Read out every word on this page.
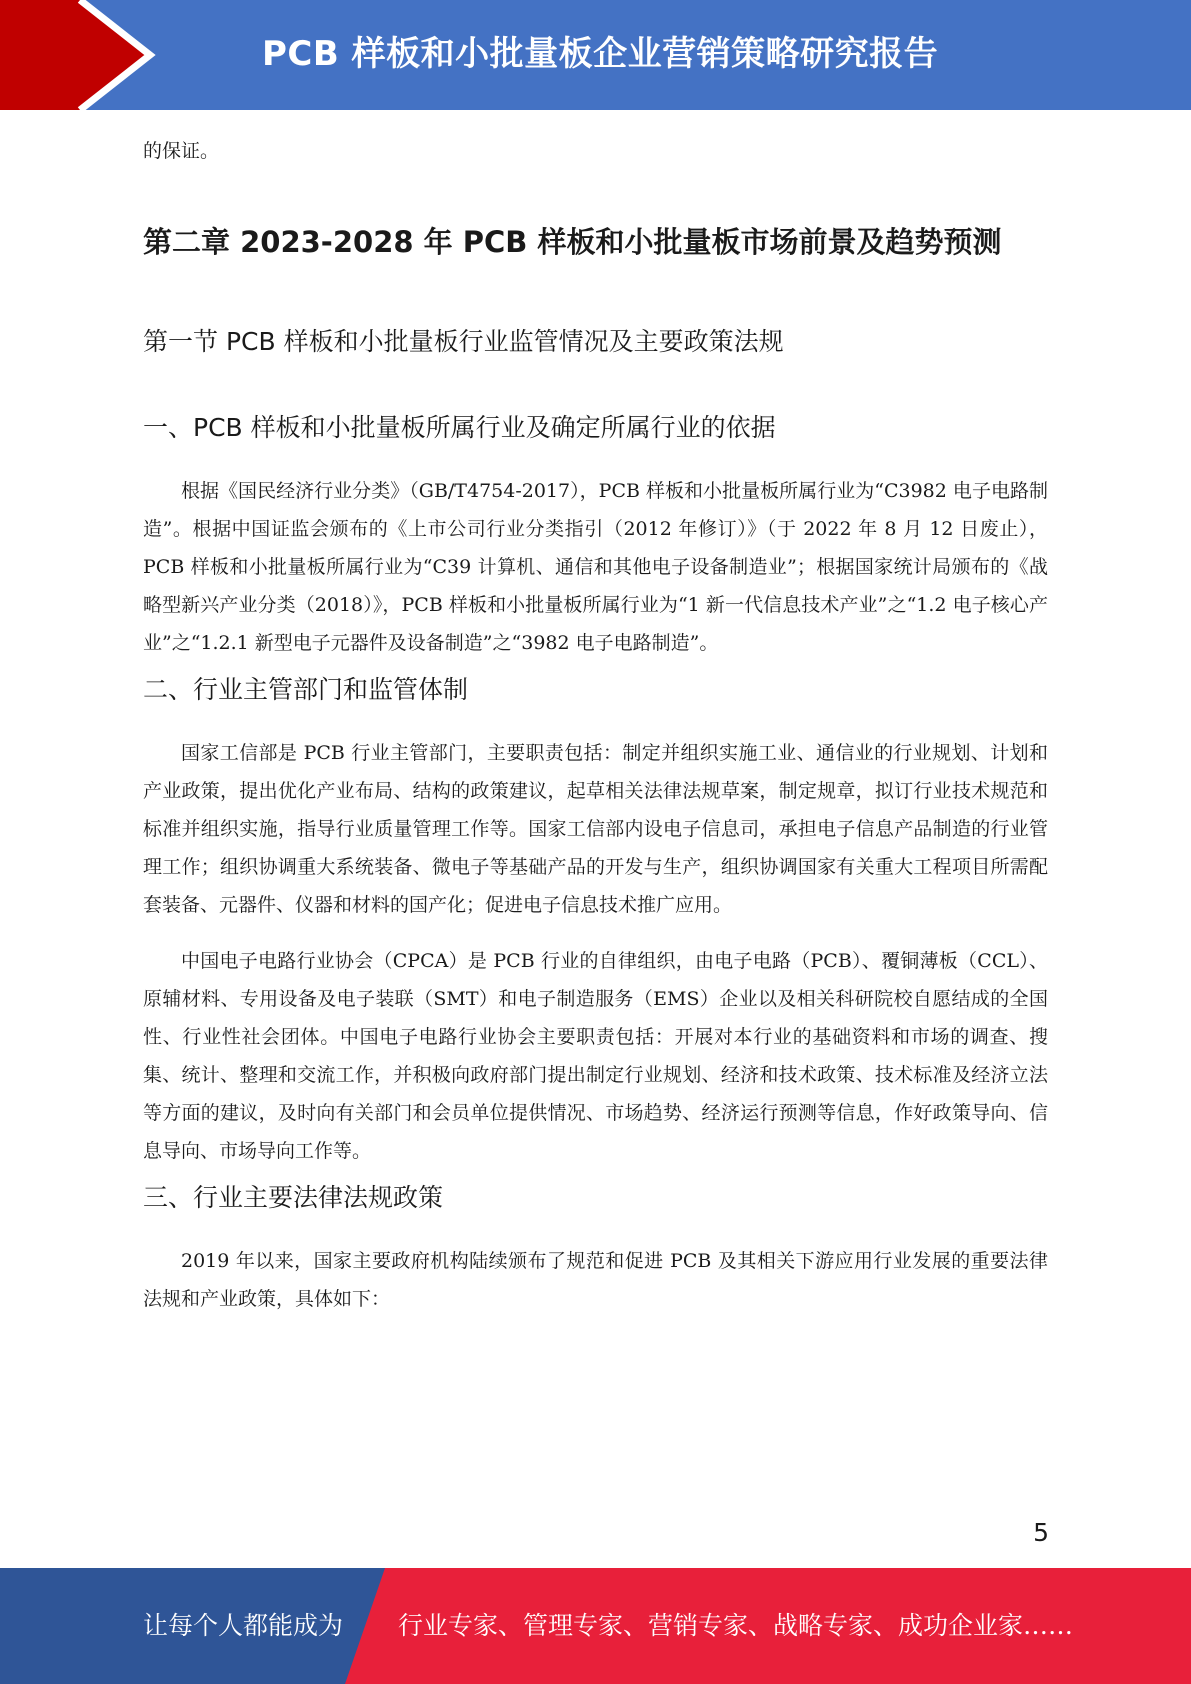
PCB 样板和小批量板企业营销策略研究报告

的保证。

第二章 2023-2028 年 PCB 样板和小批量板市场前景及趋势预测
第一节 PCB 样板和小批量板行业监管情况及主要政策法规
一、PCB 样板和小批量板所属行业及确定所属行业的依据

根据《国民经济行业分类》（GB/T4754-2017），PCB 样板和小批量板所属行业为“C3982 电子电路制造”。根据中国证监会颁布的《上市公司行业分类指引（2012 年修订）》（于 2022 年 8 月 12 日废止），PCB 样板和小批量板所属行业为“C39 计算机、通信和其他电子设备制造业”；根据国家统计局颁布的《战略型新兴产业分类（2018）》，PCB 样板和小批量板所属行业为“1 新一代信息技术产业”之“1.2 电子核心产业”之“1.2.1 新型电子元器件及设备制造”之“3982 电子电路制造”。

二、行业主管部门和监管体制

国家工信部是 PCB 行业主管部门，主要职责包括：制定并组织实施工业、通信业的行业规划、计划和产业政策，提出优化产业布局、结构的政策建议，起草相关法律法规草案，制定规章，拟订行业技术规范和标准并组织实施，指导行业质量管理工作等。国家工信部内设电子信息司，承担电子信息产品制造的行业管理工作；组织协调重大系统装备、微电子等基础产品的开发与生产，组织协调国家有关重大工程项目所需配套装备、元器件、仪器和材料的国产化；促进电子信息技术推广应用。

中国电子电路行业协会（CPCA）是 PCB 行业的自律组织，由电子电路（PCB）、覆铜薄板（CCL）、原辅材料、专用设备及电子装联（SMT）和电子制造服务（EMS）企业以及相关科研院校自愿结成的全国性、行业性社会团体。中国电子电路行业协会主要职责包括：开展对本行业的基础资料和市场的调查、搜集、统计、整理和交流工作，并积极向政府部门提出制定行业规划、经济和技术政策、技术标准及经济立法等方面的建议，及时向有关部门和会员单位提供情况、市场趋势、经济运行预测等信息，作好政策导向、信息导向、市场导向工作等。

三、行业主要法律法规政策

2019 年以来，国家主要政府机构陆续颁布了规范和促进 PCB 及其相关下游应用行业发展的重要法律法规和产业政策，具体如下：

5
让每个人都能成为 行业专家、管理专家、营销专家、战略专家、成功企业家……
